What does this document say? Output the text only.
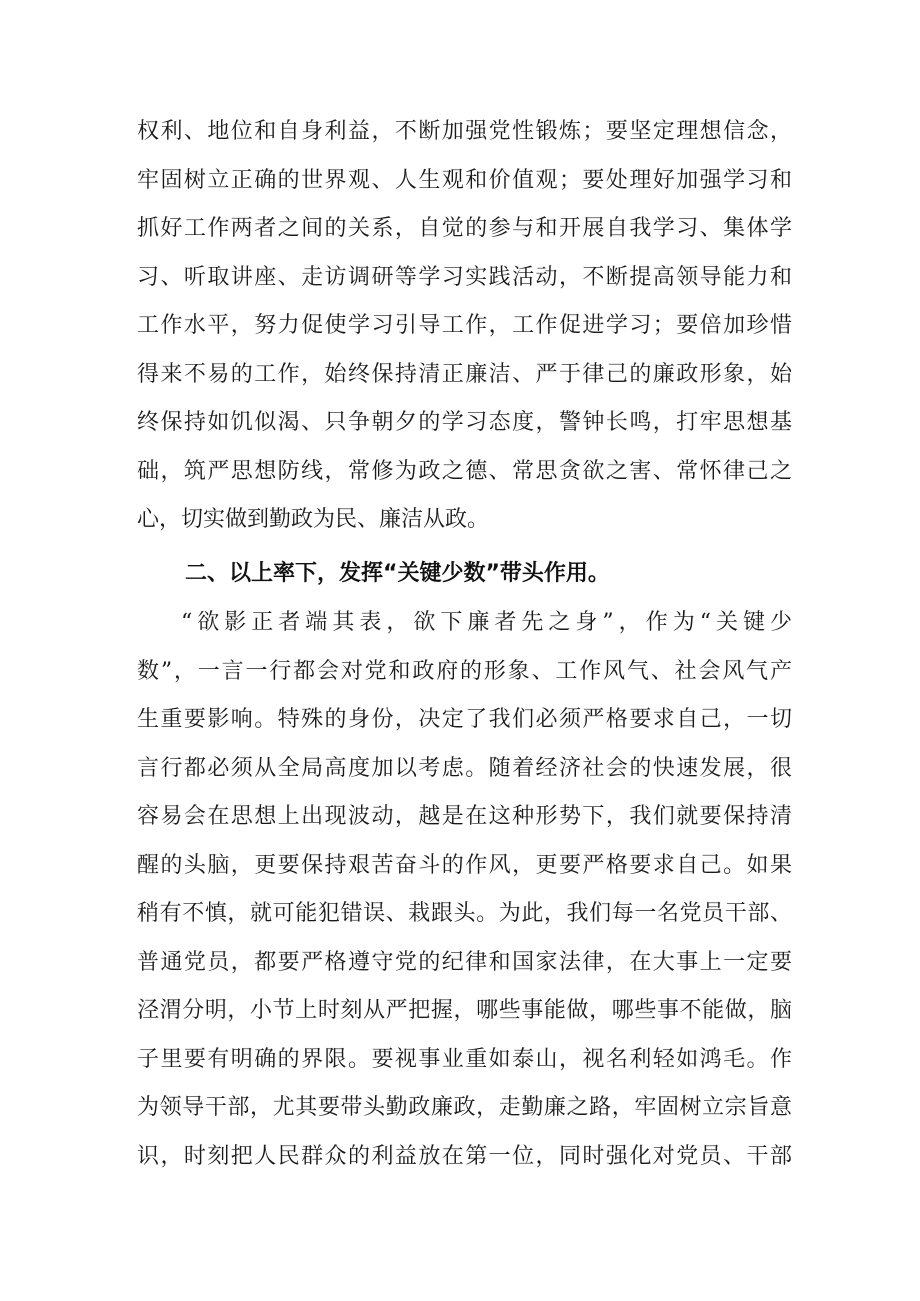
权利、地位和自身利益，不断加强党性锻炼；要坚定理想信念，
牢固树立正确的世界观、人生观和价值观；要处理好加强学习和
抓好工作两者之间的关系，自觉的参与和开展自我学习、集体学
习、听取讲座、走访调研等学习实践活动，不断提高领导能力和
工作水平，努力促使学习引导工作，工作促进学习；要倍加珍惜
得来不易的工作，始终保持清正廉洁、严于律己的廉政形象，始
终保持如饥似渴、只争朝夕的学习态度，警钟长鸣，打牢思想基
础，筑严思想防线，常修为政之德、常思贪欲之害、常怀律己之
心，切实做到勤政为民、廉洁从政。
二、以上率下，发挥“关键少数”带头作用。
“欲影正者端其表，欲下廉者先之身”，作为“关键少
数”，一言一行都会对党和政府的形象、工作风气、社会风气产
生重要影响。特殊的身份，决定了我们必须严格要求自己，一切
言行都必须从全局高度加以考虑。随着经济社会的快速发展，很
容易会在思想上出现波动，越是在这种形势下，我们就要保持清
醒的头脑，更要保持艰苦奋斗的作风，更要严格要求自己。如果
稍有不慎，就可能犯错误、栽跟头。为此，我们每一名党员干部、
普通党员，都要严格遵守党的纪律和国家法律，在大事上一定要
泾渭分明，小节上时刻从严把握，哪些事能做，哪些事不能做，脑
子里要有明确的界限。要视事业重如泰山，视名利轻如鸿毛。作
为领导干部，尤其要带头勤政廉政，走勤廉之路，牢固树立宗旨意
识，时刻把人民群众的利益放在第一位，同时强化对党员、干部
